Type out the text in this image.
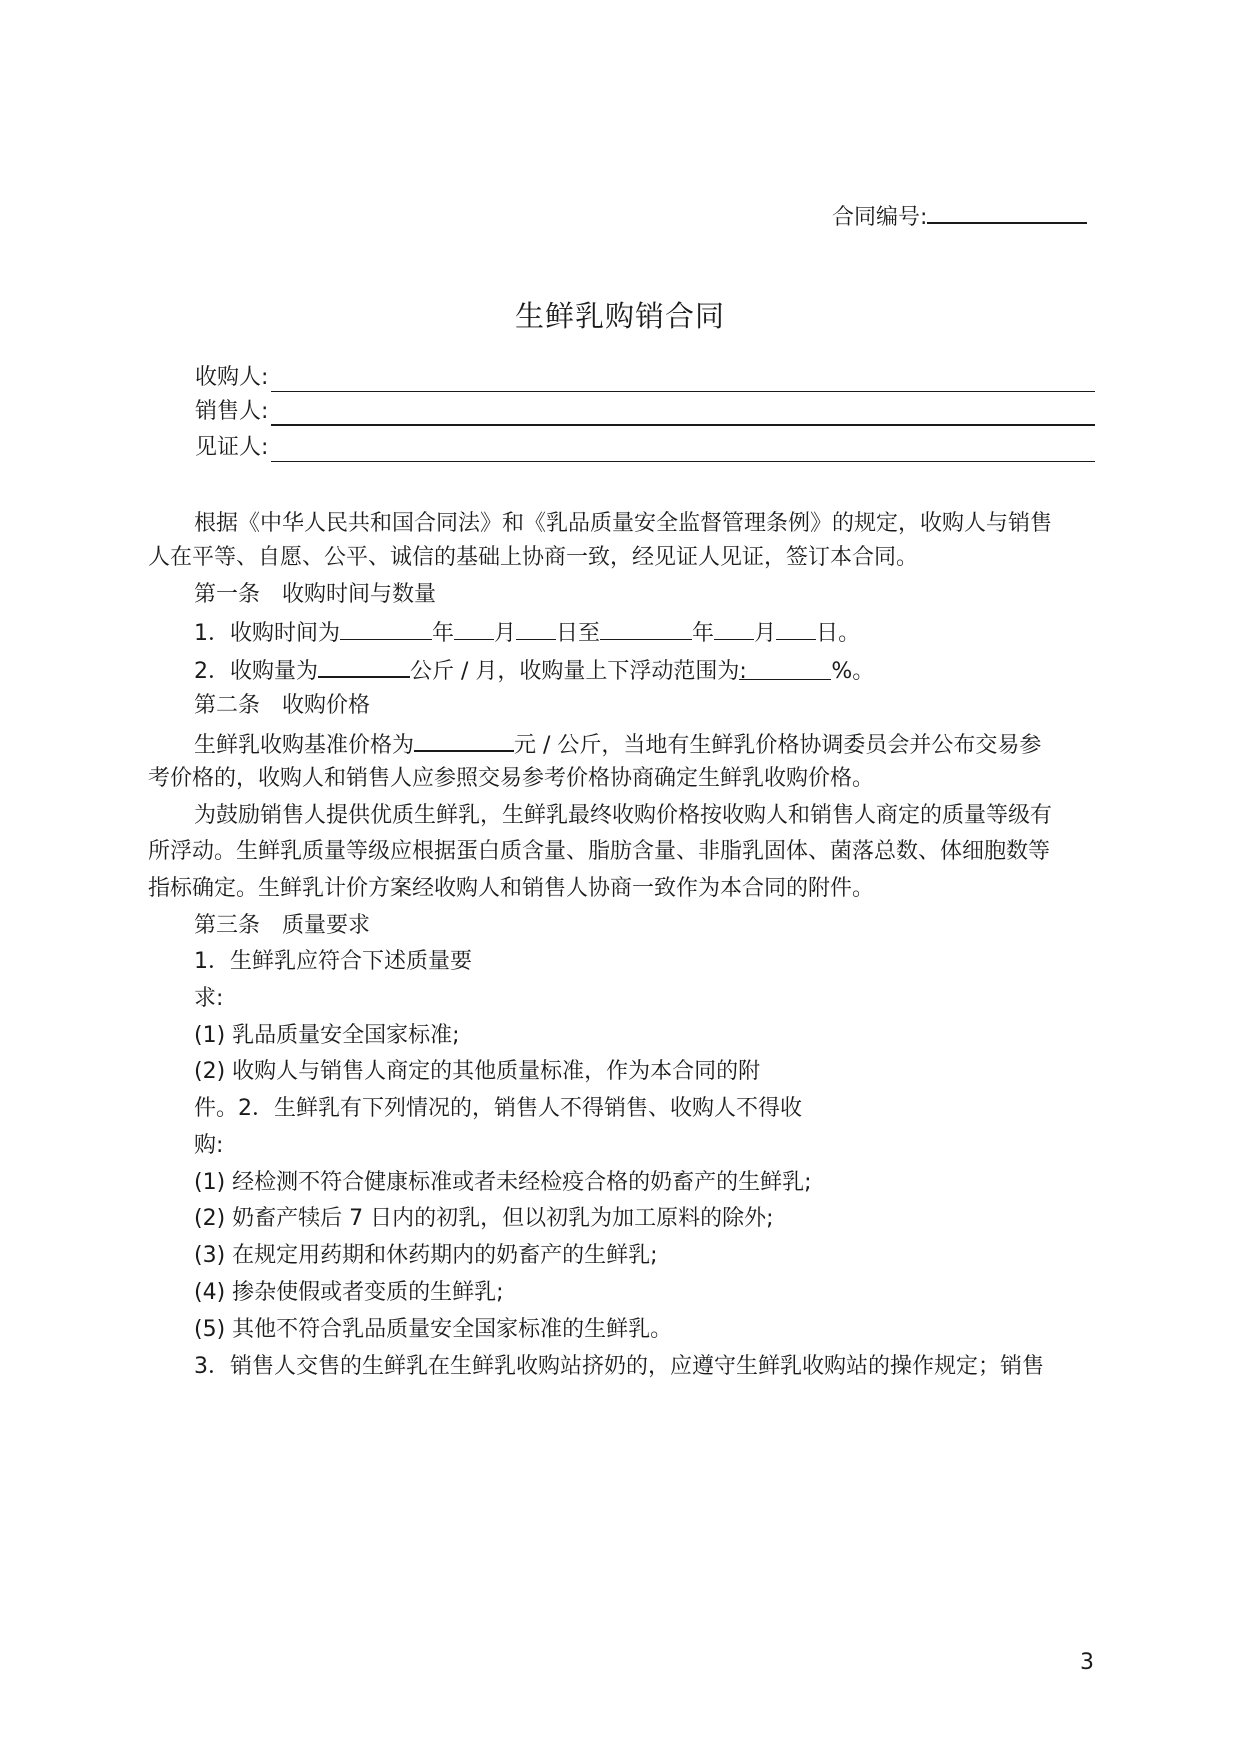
合同编号:
生鲜乳购销合同
收购人:
销售人:
见证人:
根据《中华人民共和国合同法》和《乳品质量安全监督管理条例》的规定，收购人与销售
人在平等、自愿、公平、诚信的基础上协商一致，经见证人见证，签订本合同。
第一条　收购时间与数量
1．收购时间为	年 月 日至	年 月 日。
2．收购量为	公斤 / 月，收购量上下浮动范围为:	%。
第二条　收购价格
生鲜乳收购基准价格为	元 / 公斤，当地有生鲜乳价格协调委员会并公布交易参
考价格的，收购人和销售人应参照交易参考价格协商确定生鲜乳收购价格。
为鼓励销售人提供优质生鲜乳，生鲜乳最终收购价格按收购人和销售人商定的质量等级有
所浮动。生鲜乳质量等级应根据蛋白质含量、脂肪含量、非脂乳固体、菌落总数、体细胞数等
指标确定。生鲜乳计价方案经收购人和销售人协商一致作为本合同的附件。
第三条　质量要求
1．生鲜乳应符合下述质量要
求:
(1) 乳品质量安全国家标准;
(2) 收购人与销售人商定的其他质量标准，作为本合同的附
件。2．生鲜乳有下列情况的，销售人不得销售、收购人不得收
购:
(1) 经检测不符合健康标准或者未经检疫合格的奶畜产的生鲜乳;
(2) 奶畜产犊后 7 日内的初乳，但以初乳为加工原料的除外;
(3) 在规定用药期和休药期内的奶畜产的生鲜乳;
(4) 掺杂使假或者变质的生鲜乳;
(5) 其他不符合乳品质量安全国家标准的生鲜乳。
3．销售人交售的生鲜乳在生鲜乳收购站挤奶的，应遵守生鲜乳收购站的操作规定；销售
3
